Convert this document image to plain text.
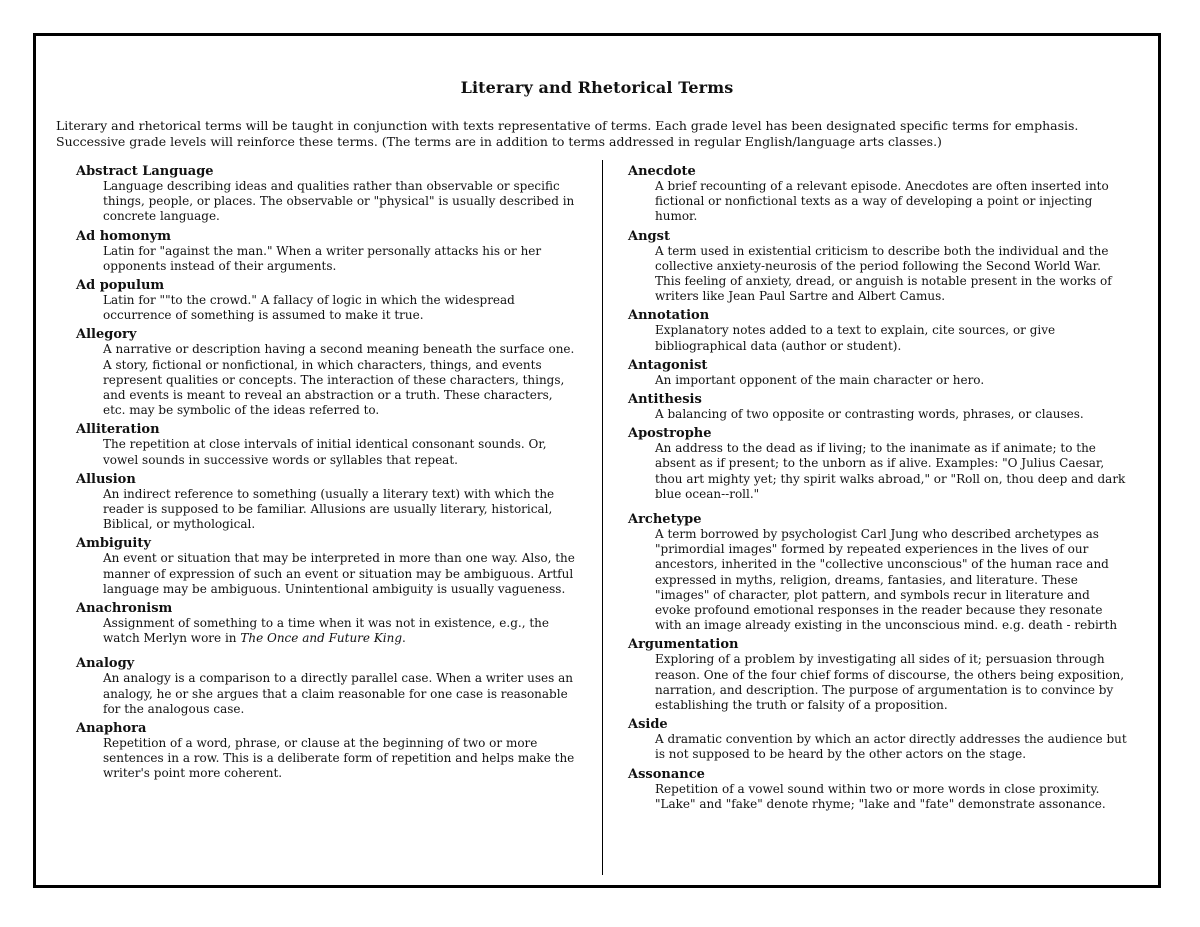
Literary and Rhetorical Terms
Literary and rhetorical terms will be taught in conjunction with texts representative of terms. Each grade level has been designated specific terms for emphasis. Successive grade levels will reinforce these terms. (The terms are in addition to terms addressed in regular English/language arts classes.)
Abstract Language
Language describing ideas and qualities rather than observable or specific things, people, or places. The observable or "physical" is usually described in concrete language.
Ad homonym
Latin for "against the man." When a writer personally attacks his or her opponents instead of their arguments.
Ad populum
Latin for ""to the crowd." A fallacy of logic in which the widespread occurrence of something is assumed to make it true.
Allegory
A narrative or description having a second meaning beneath the surface one. A story, fictional or nonfictional, in which characters, things, and events represent qualities or concepts. The interaction of these characters, things, and events is meant to reveal an abstraction or a truth. These characters, etc. may be symbolic of the ideas referred to.
Alliteration
The repetition at close intervals of initial identical consonant sounds. Or, vowel sounds in successive words or syllables that repeat.
Allusion
An indirect reference to something (usually a literary text) with which the reader is supposed to be familiar. Allusions are usually literary, historical, Biblical, or mythological.
Ambiguity
An event or situation that may be interpreted in more than one way. Also, the manner of expression of such an event or situation may be ambiguous. Artful language may be ambiguous. Unintentional ambiguity is usually vagueness.
Anachronism
Assignment of something to a time when it was not in existence, e.g., the watch Merlyn wore in The Once and Future King.
Analogy
An analogy is a comparison to a directly parallel case. When a writer uses an analogy, he or she argues that a claim reasonable for one case is reasonable for the analogous case.
Anaphora
Repetition of a word, phrase, or clause at the beginning of two or more sentences in a row. This is a deliberate form of repetition and helps make the writer's point more coherent.
Anecdote
A brief recounting of a relevant episode. Anecdotes are often inserted into fictional or nonfictional texts as a way of developing a point or injecting humor.
Angst
A term used in existential criticism to describe both the individual and the collective anxiety-neurosis of the period following the Second World War. This feeling of anxiety, dread, or anguish is notable present in the works of writers like Jean Paul Sartre and Albert Camus.
Annotation
Explanatory notes added to a text to explain, cite sources, or give bibliographical data (author or student).
Antagonist
An important opponent of the main character or hero.
Antithesis
A balancing of two opposite or contrasting words, phrases, or clauses.
Apostrophe
An address to the dead as if living; to the inanimate as if animate; to the absent as if present; to the unborn as if alive. Examples: "O Julius Caesar, thou art mighty yet; thy spirit walks abroad," or "Roll on, thou deep and dark blue ocean--roll."
Archetype
A term borrowed by psychologist Carl Jung who described archetypes as "primordial images" formed by repeated experiences in the lives of our ancestors, inherited in the "collective unconscious" of the human race and expressed in myths, religion, dreams, fantasies, and literature. These "images" of character, plot pattern, and symbols recur in literature and evoke profound emotional responses in the reader because they resonate with an image already existing in the unconscious mind. e.g. death - rebirth
Argumentation
Exploring of a problem by investigating all sides of it; persuasion through reason. One of the four chief forms of discourse, the others being exposition, narration, and description. The purpose of argumentation is to convince by establishing the truth or falsity of a proposition.
Aside
A dramatic convention by which an actor directly addresses the audience but is not supposed to be heard by the other actors on the stage.
Assonance
Repetition of a vowel sound within two or more words in close proximity. "Lake" and "fake" denote rhyme; "lake and "fate" demonstrate assonance.
